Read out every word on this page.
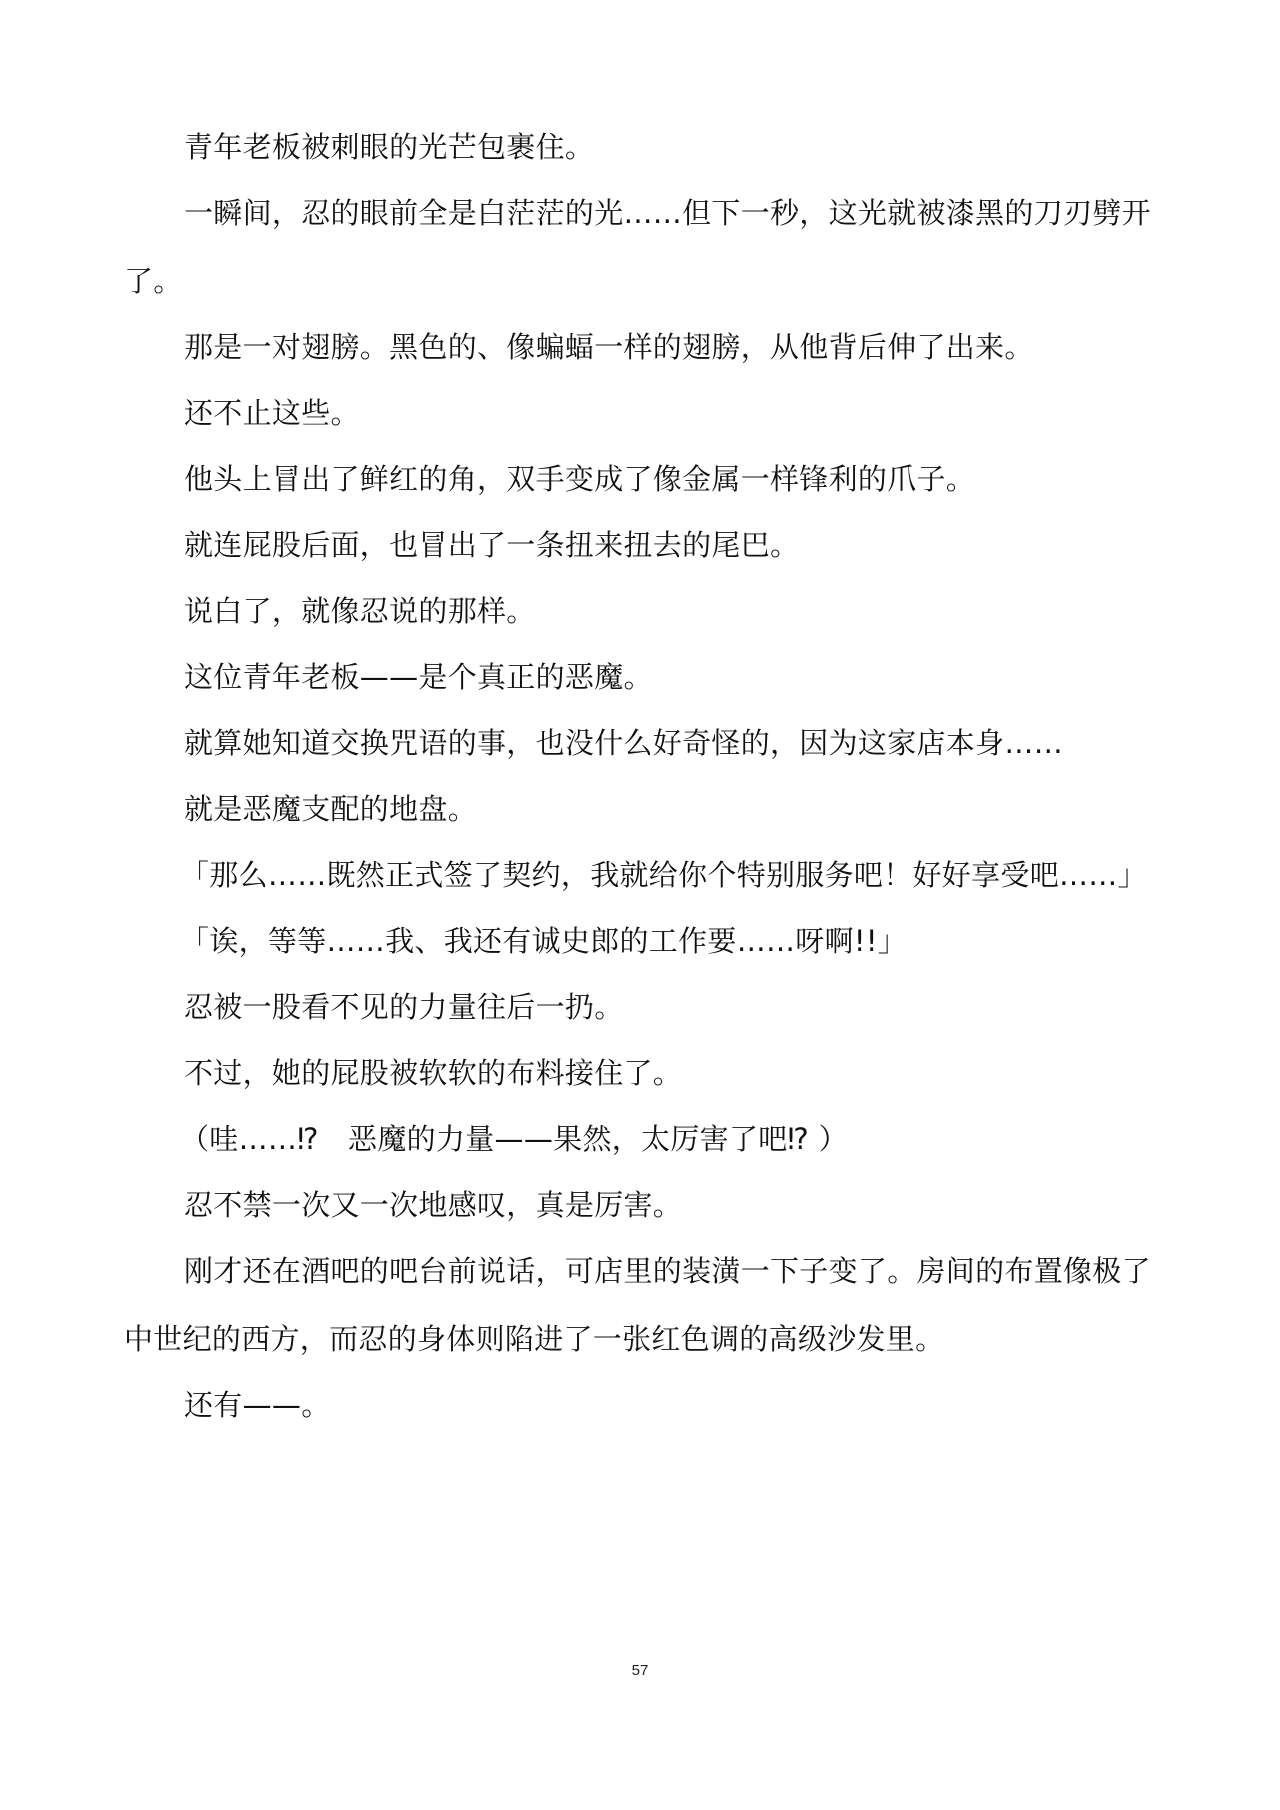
青年老板被刺眼的光芒包裹住。

一瞬间，忍的眼前全是白茫茫的光……但下一秒，这光就被漆黑的刀刃劈开了。

那是一对翅膀。黑色的、像蝙蝠一样的翅膀，从他背后伸了出来。

还不止这些。

他头上冒出了鲜红的角，双手变成了像金属一样锋利的爪子。

就连屁股后面，也冒出了一条扭来扭去的尾巴。

说白了，就像忍说的那样。

这位青年老板——是个真正的恶魔。

就算她知道交换咒语的事，也没什么好奇怪的，因为这家店本身……

就是恶魔支配的地盘。

「那么……既然正式签了契约，我就给你个特别服务吧！好好享受吧……」

「诶，等等……我、我还有诚史郎的工作要……呀啊!!」

忍被一股看不见的力量往后一扔。

不过，她的屁股被软软的布料接住了。

（哇……⁉　恶魔的力量——果然，太厉害了吧⁉ ）

忍不禁一次又一次地感叹，真是厉害。

刚才还在酒吧的吧台前说话，可店里的装潢一下子变了。房间的布置像极了中世纪的西方，而忍的身体则陷进了一张红色调的高级沙发里。

还有——。

57
